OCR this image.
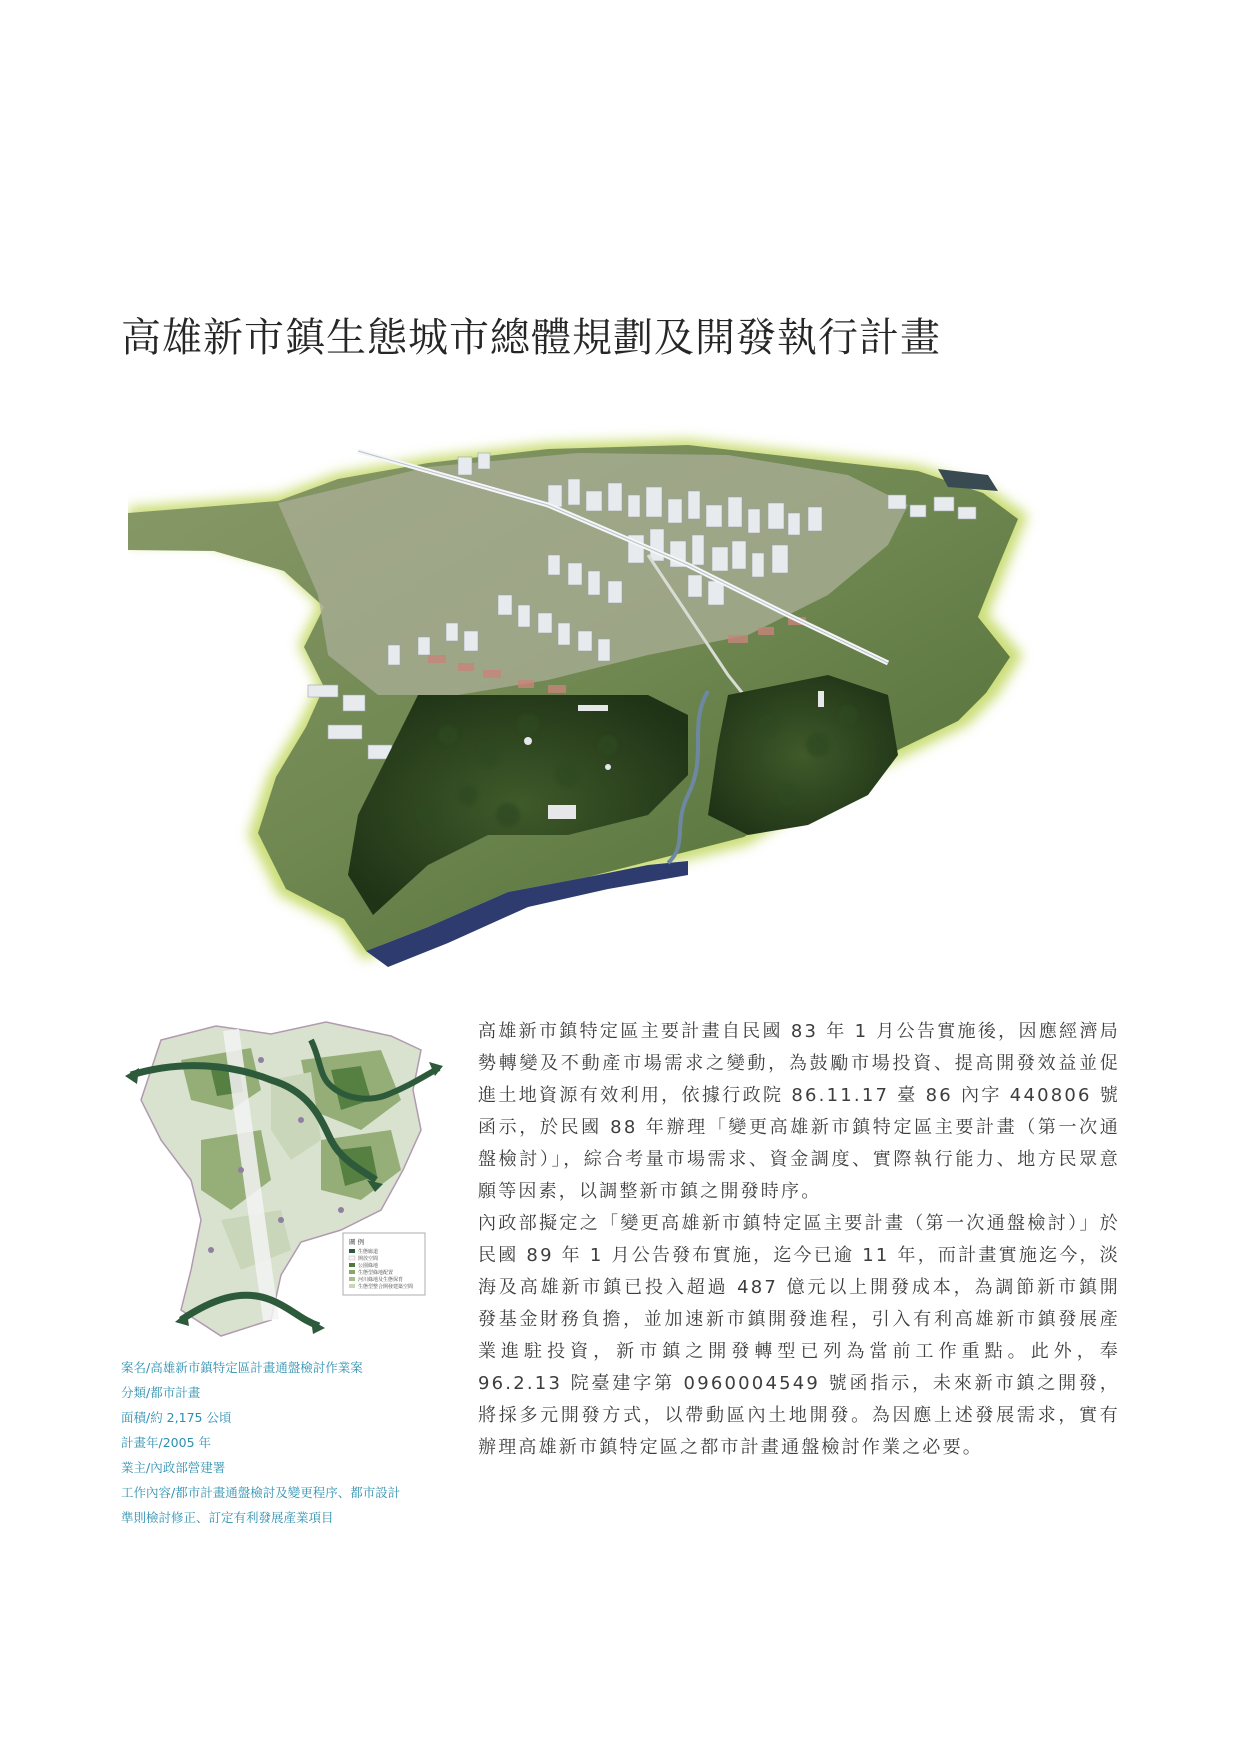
高雄新市鎮生態城市總體規劃及開發執行計畫
圖 例
生態廊道
開放空間
公園綠地
生態型綠地配置
河川綠地及生態保育
生態型整合開發建築空間

案名/高雄新市鎮特定區計畫通盤檢討作業案

分類/都市計畫

面積/約 2,175 公頃

計畫年/2005 年

業主/內政部營建署

工作內容/都市計畫通盤檢討及變更程序、都市設計

準則檢討修正、訂定有利發展產業項目

高雄新市鎮特定區主要計畫自民國 83 年 1 月公告實施後，因應經濟局勢轉變及不動產市場需求之變動，為鼓勵市場投資、提高開發效益並促進土地資源有效利用，依據行政院 86.11.17 臺 86 內字 440806 號函示，於民國 88 年辦理「變更高雄新市鎮特定區主要計畫（第一次通盤檢討）」，綜合考量市場需求、資金調度、實際執行能力、地方民眾意願等因素，以調整新市鎮之開發時序。

內政部擬定之「變更高雄新市鎮特定區主要計畫（第一次通盤檢討）」於民國 89 年 1 月公告發布實施，迄今已逾 11 年，而計畫實施迄今，淡海及高雄新市鎮已投入超過 487 億元以上開發成本，為調節新市鎮開發基金財務負擔，並加速新市鎮開發進程，引入有利高雄新市鎮發展產業進駐投資，新市鎮之開發轉型已列為當前工作重點。此外，奉 96.2.13 院臺建字第 0960004549 號函指示，未來新市鎮之開發，將採多元開發方式，以帶動區內土地開發。為因應上述發展需求，實有辦理高雄新市鎮特定區之都市計畫通盤檢討作業之必要。
